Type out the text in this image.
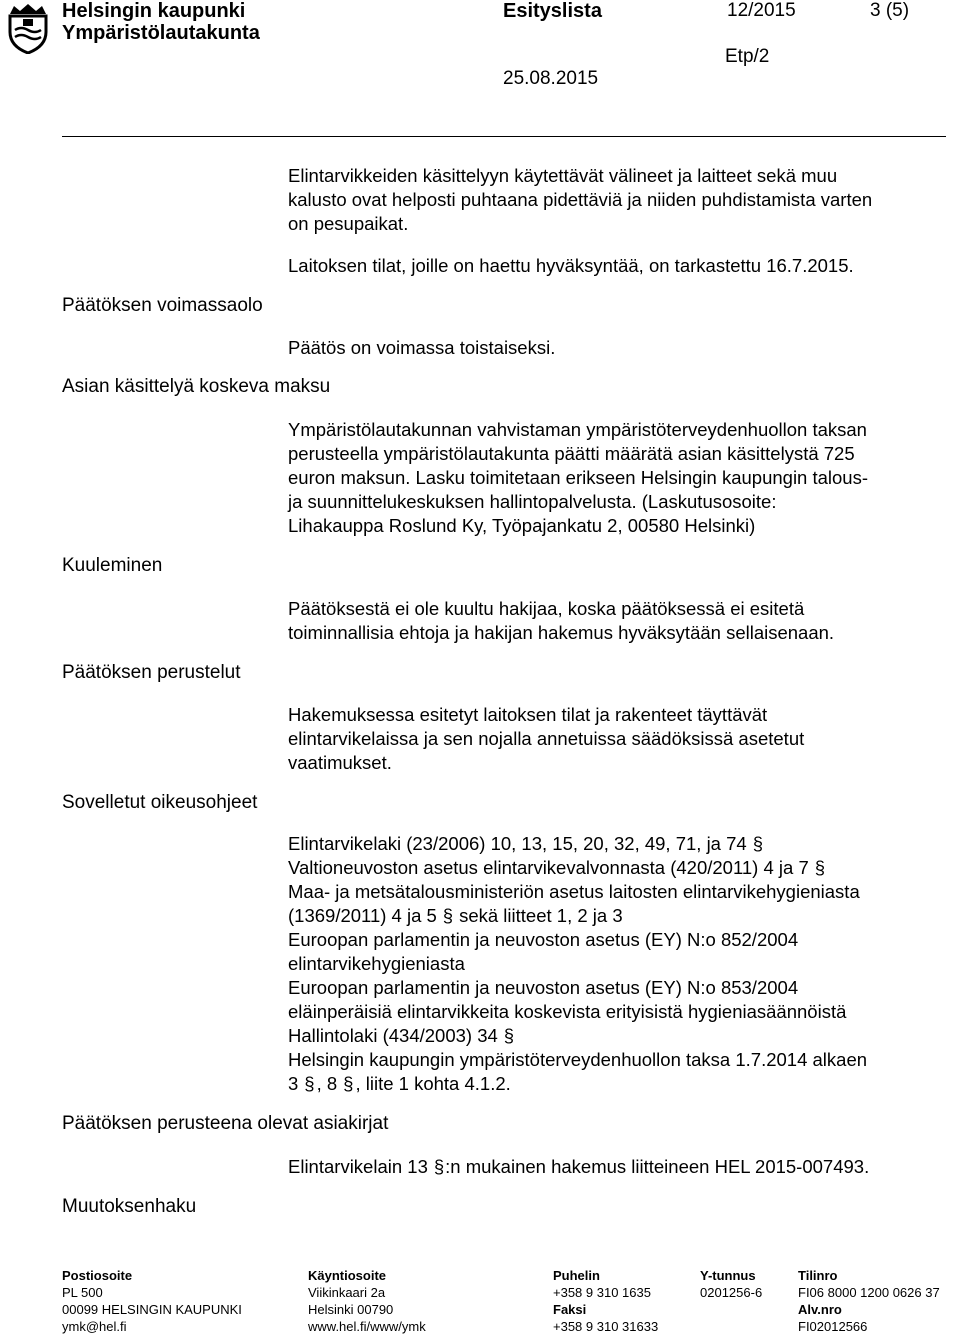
Helsingin kaupunki
Ympäristölautakunta
Esityslista	12/2015	3 (5)
Etp/2
25.08.2015
Elintarvikkeiden käsittelyyn käytettävät välineet ja laitteet sekä muu
kalusto ovat helposti puhtaana pidettäviä ja niiden puhdistamista varten
on pesupaikat.
Laitoksen tilat, joille on haettu hyväksyntää, on tarkastettu 16.7.2015.
Päätöksen voimassaolo
Päätös on voimassa toistaiseksi.
Asian käsittelyä koskeva maksu
Ympäristölautakunnan vahvistaman ympäristöterveydenhuollon taksan
perusteella ympäristölautakunta päätti määrätä asian käsittelystä 725
euron maksun. Lasku toimitetaan erikseen Helsingin kaupungin talous-
ja suunnittelukeskuksen hallintopalvelusta. (Laskutusosoite:
Lihakauppa Roslund Ky, Työpajankatu 2, 00580 Helsinki)
Kuuleminen
Päätöksestä ei ole kuultu hakijaa, koska päätöksessä ei esitetä
toiminnallisia ehtoja ja hakijan hakemus hyväksytään sellaisenaan.
Päätöksen perustelut
Hakemuksessa esitetyt laitoksen tilat ja rakenteet täyttävät
elintarvikelaissa ja sen nojalla annetuissa säädöksissä asetetut
vaatimukset.
Sovelletut oikeusohjeet
Elintarvikelaki (23/2006) 10, 13, 15, 20, 32, 49, 71, ja 74 §
Valtioneuvoston asetus elintarvikevalvonnasta (420/2011) 4 ja 7 §
Maa- ja metsätalousministeriön asetus laitosten elintarvikehygieniasta
(1369/2011) 4 ja 5 § sekä liitteet 1, 2 ja 3
Euroopan parlamentin ja neuvoston asetus (EY) N:o 852/2004
elintarvikehygieniasta
Euroopan parlamentin ja neuvoston asetus (EY) N:o 853/2004
eläinperäisiä elintarvikkeita koskevista erityisistä hygieniasäännöistä
Hallintolaki (434/2003) 34 §
Helsingin kaupungin ympäristöterveydenhuollon taksa 1.7.2014 alkaen
3 § , 8 § , liite 1 kohta 4.1.2.
Päätöksen perusteena olevat asiakirjat
Elintarvikelain 13 §:n mukainen hakemus liitteineen HEL 2015-007493.
Muutoksenhaku
Postiosoite
PL 500
00099 HELSINGIN KAUPUNKI
ymk@hel.fi
Käyntiosoite
Viikinkaari 2a
Helsinki 00790
www.hel.fi/www/ymk
Puhelin
+358 9 310 1635
Faksi
+358 9 310 31633
Y-tunnus
0201256-6
Tilinro
FI06 8000 1200 0626 37
Alv.nro
FI02012566
